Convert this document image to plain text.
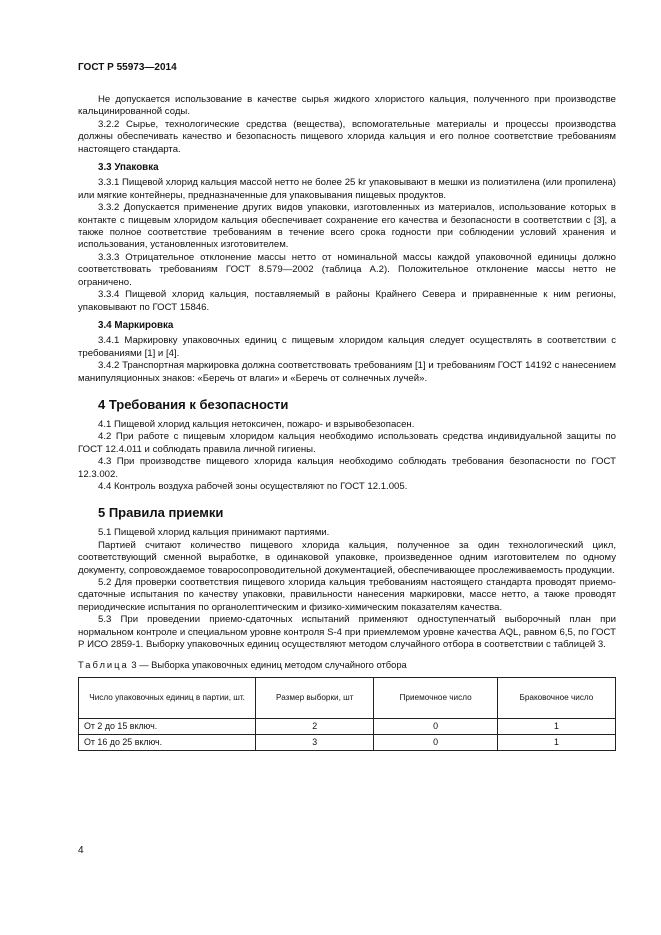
ГОСТ Р 55973—2014

Не допускается использование в качестве сырья жидкого хлористого кальция, полученного при производстве кальцинированной соды.

3.2.2 Сырье, технологические средства (вещества), вспомогательные материалы и процессы производства должны обеспечивать качество и безопасность пищевого хлорида кальция и его полное соответствие требованиям настоящего стандарта.

3.3 Упаковка

3.3.1 Пищевой хлорид кальция массой нетто не более 25 kг упаковывают в мешки из полиэтилена (или пропилена) или мягкие контейнеры, предназначенные для упаковывания пищевых продуктов.

3.3.2 Допускается применение других видов упаковки, изготовленных из материалов, использование которых в контакте с пищевым хлоридом кальция обеспечивает сохранение его качества и безопасности в соответствии с [3], а также полное соответствие требованиям в течение всего срока годности при соблюдении условий хранения и использования, установленных изготовителем.

3.3.3 Отрицательное отклонение массы нетто от номинальной массы каждой упаковочной единицы должно соответствовать требованиям ГОСТ 8.579—2002 (таблица А.2). Положительное отклонение массы нетто не ограничено.

3.3.4 Пищевой хлорид кальция, поставляемый в районы Крайнего Севера и приравненные к ним регионы, упаковывают по ГОСТ 15846.

3.4 Маркировка

3.4.1 Маркировку упаковочных единиц с пищевым хлоридом кальция следует осуществлять в соответствии с требованиями [1] и [4].

3.4.2 Транспортная маркировка должна соответствовать требованиям [1] и требованиям ГОСТ 14192 с нанесением манипуляционных знаков: «Беречь от влаги» и «Беречь от солнечных лучей».

4 Требования к безопасности

4.1 Пищевой хлорид кальция нетоксичен, пожаро- и взрывобезопасен.

4.2 При работе с пищевым хлоридом кальция необходимо использовать средства индивидуальной защиты по ГОСТ 12.4.011 и соблюдать правила личной гигиены.

4.3 При производстве пищевого хлорида кальция необходимо соблюдать требования безопасности по ГОСТ 12.3.002.

4.4 Контроль воздуха рабочей зоны осуществляют по ГОСТ 12.1.005.

5 Правила приемки

5.1 Пищевой хлорид кальция принимают партиями.

Партией считают количество пищевого хлорида кальция, полученное за один технологический цикл, соответствующий сменной выработке, в одинаковой упаковке, произведенное одним изготовителем по одному документу, сопровождаемое товаросопроводительной документацией, обеспечивающее прослеживаемость продукции.

5.2 Для проверки соответствия пищевого хлорида кальция требованиям настоящего стандарта проводят приемо-сдаточные испытания по качеству упаковки, правильности нанесения маркировки, массе нетто, а также проводят периодические испытания по органолептическим и физико-химическим показателям качества.

5.3 При проведении приемо-сдаточных испытаний применяют одноступенчатый выборочный план при нормальном контроле и специальном уровне контроля S-4 при приемлемом уровне качества AQL, равном 6,5, по ГОСТ Р ИСО 2859-1. Выборку упаковочных единиц осуществляют методом случайного отбора в соответствии с таблицей 3.

Таблица 3 — Выборка упаковочных единиц методом случайного отбора
Число упаковочных единиц в партии, шт.	Размер выборки, шт	Приемочное число	Браковочное число
От 2 до 15 включ.	2	0	1
От 16 до 25 включ.	3	0	1
4
